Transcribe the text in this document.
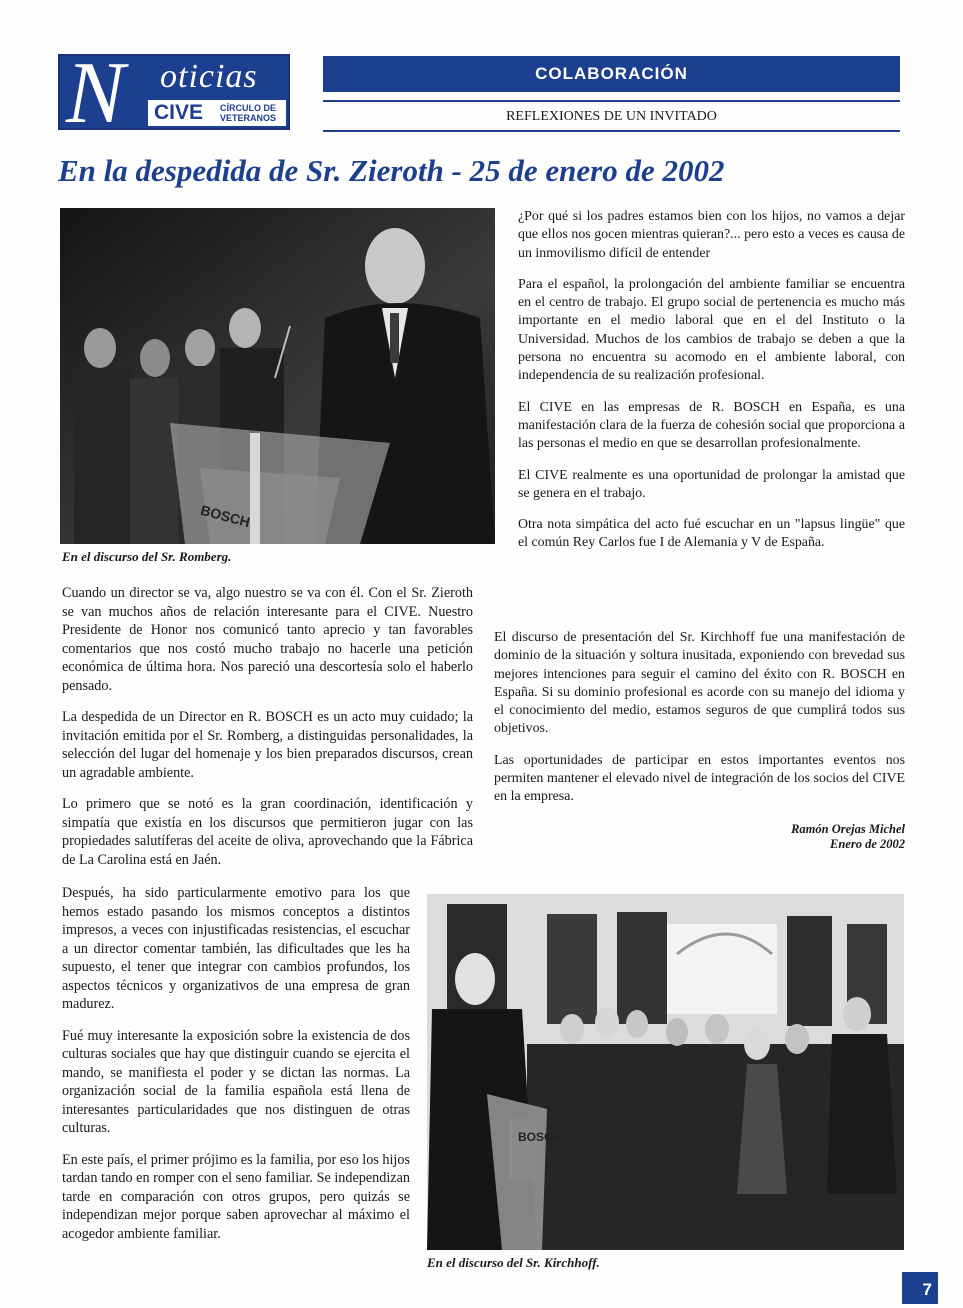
N oticias
CIVE	CÍRCULO DE
VETERANOS
COLABORACIÓN
REFLEXIONES DE UN INVITADO
En la despedida de Sr. Zieroth - 25 de enero de 2002
BOSCH
En el discurso del Sr. Romberg.

Cuando un director se va, algo nuestro se va con él. Con el Sr. Zieroth se van muchos años de relación interesante para el CIVE. Nuestro Presidente de Honor nos comunicó tanto aprecio y tan favorables comentarios que nos costó mucho trabajo no hacerle una petición económica de última hora. Nos pareció una descortesía solo el haberlo pensado.

La despedida de un Director en R. BOSCH es un acto muy cuidado; la invitación emitida por el Sr. Romberg, a distinguidas personalidades, la selección del lugar del homenaje y los bien preparados discursos, crean un agradable ambiente.

Lo primero que se notó es la gran coordinación, identificación y simpatía que existía en los discursos que permitieron jugar con las propiedades salutíferas del aceite de oliva, aprovechando que la Fábrica de La Carolina está en Jaén.

¿Por qué si los padres estamos bien con los hijos, no vamos a dejar que ellos nos gocen mientras quieran?... pero esto a veces es causa de un inmovilismo difícil de entender

Para el español, la prolongación del ambiente familiar se encuentra en el centro de trabajo. El grupo social de pertenencia es mucho más importante en el medio laboral que en el del Instituto o la Universidad. Muchos de los cambios de trabajo se deben a que la persona no encuentra su acomodo en el ambiente laboral, con independencia de su realización profesional.

El CIVE en las empresas de R. BOSCH en España, es una manifestación clara de la fuerza de cohesión social que proporciona a las personas el medio en que se desarrollan profesionalmente.

El CIVE realmente es una oportunidad de prolongar la amistad que se genera en el trabajo.

Otra nota simpática del acto fué escuchar en un "lapsus lingüe" que el común Rey Carlos fue I de Alemania y V de España.

El discurso de presentación del Sr. Kirchhoff fue una manifestación de dominio de la situación y soltura inusitada, exponiendo con brevedad sus mejores intenciones para seguir el camino del éxito con R. BOSCH en España. Si su dominio profesional es acorde con su manejo del idioma y el conocimiento del medio, estamos seguros de que cumplirá todos sus objetivos.

Las oportunidades de participar en estos importantes eventos nos permiten mantener el elevado nivel de integración de los socios del CIVE en la empresa.

Ramón Orejas Michel
Enero de 2002

Después, ha sido particularmente emotivo para los que hemos estado pasando los mismos conceptos a distintos impresos, a veces con injustificadas resistencias, el escuchar a un director comentar también, las dificultades que les ha supuesto, el tener que integrar con cambios profundos, los aspectos técnicos y organizativos de una empresa de gran madurez.

Fué muy interesante la exposición sobre la existencia de dos culturas sociales que hay que distinguir cuando se ejercita el mando, se manifiesta el poder y se dictan las normas. La organización social de la familia española está llena de interesantes particularidades que nos distinguen de otras culturas.

En este país, el primer prójimo es la familia, por eso los hijos tardan tando en romper con el seno familiar. Se independizan tarde en comparación con otros grupos, pero quizás se independizan mejor porque saben aprovechar al máximo el acogedor ambiente familiar.

BOSCH
En el discurso del Sr. Kirchhoff.
7
